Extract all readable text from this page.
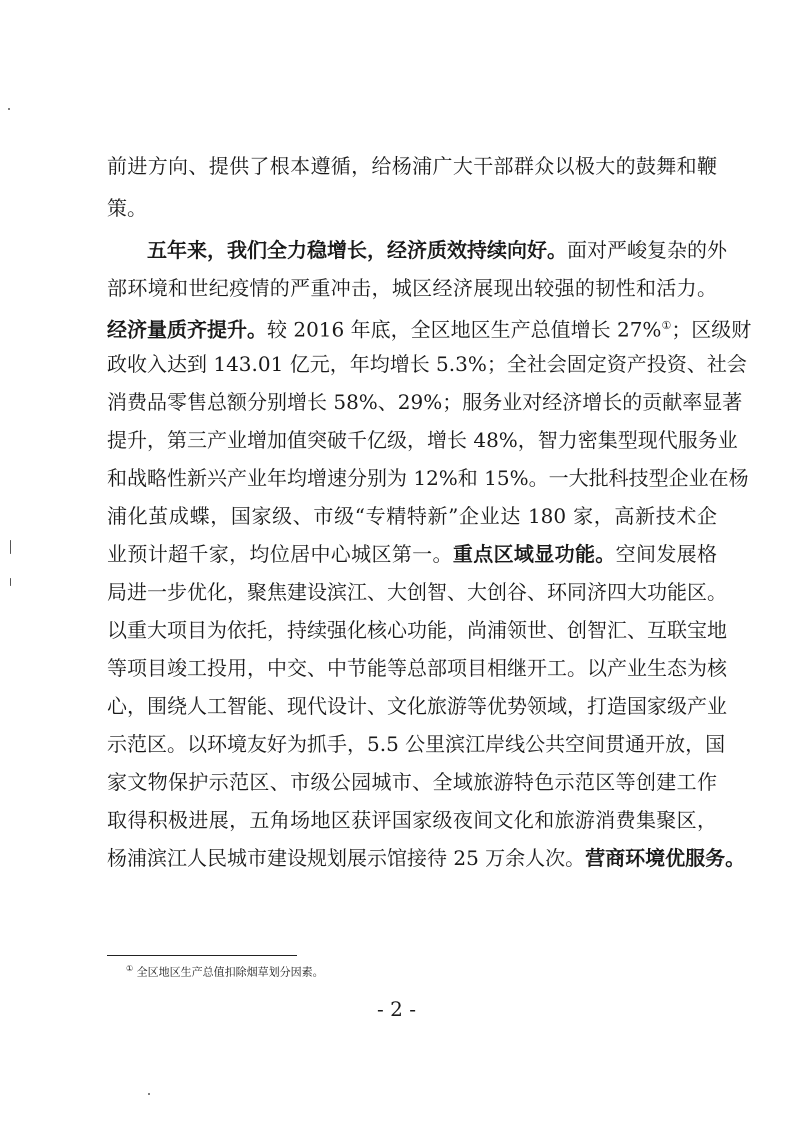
前进方向、提供了根本遵循，给杨浦广大干部群众以极大的鼓舞和鞭
策。
五年来，我们全力稳增长，经济质效持续向好。面对严峻复杂的外
部环境和世纪疫情的严重冲击，城区经济展现出较强的韧性和活力。
经济量质齐提升。较 2016 年底，全区地区生产总值增长 27%①；区级财
政收入达到 143.01 亿元，年均增长 5.3%；全社会固定资产投资、社会
消费品零售总额分别增长 58%、29%；服务业对经济增长的贡献率显著
提升，第三产业增加值突破千亿级，增长 48%，智力密集型现代服务业
和战略性新兴产业年均增速分别为 12%和 15%。一大批科技型企业在杨
浦化茧成蝶，国家级、市级“专精特新”企业达 180 家，高新技术企
业预计超千家，均位居中心城区第一。重点区域显功能。空间发展格
局进一步优化，聚焦建设滨江、大创智、大创谷、环同济四大功能区。
以重大项目为依托，持续强化核心功能，尚浦领世、创智汇、互联宝地
等项目竣工投用，中交、中节能等总部项目相继开工。以产业生态为核
心，围绕人工智能、现代设计、文化旅游等优势领域，打造国家级产业
示范区。以环境友好为抓手，5.5 公里滨江岸线公共空间贯通开放，国
家文物保护示范区、市级公园城市、全域旅游特色示范区等创建工作
取得积极进展，五角场地区获评国家级夜间文化和旅游消费集聚区，
杨浦滨江人民城市建设规划展示馆接待 25 万余人次。营商环境优服务。
① 全区地区生产总值扣除烟草划分因素。
- 2 -
